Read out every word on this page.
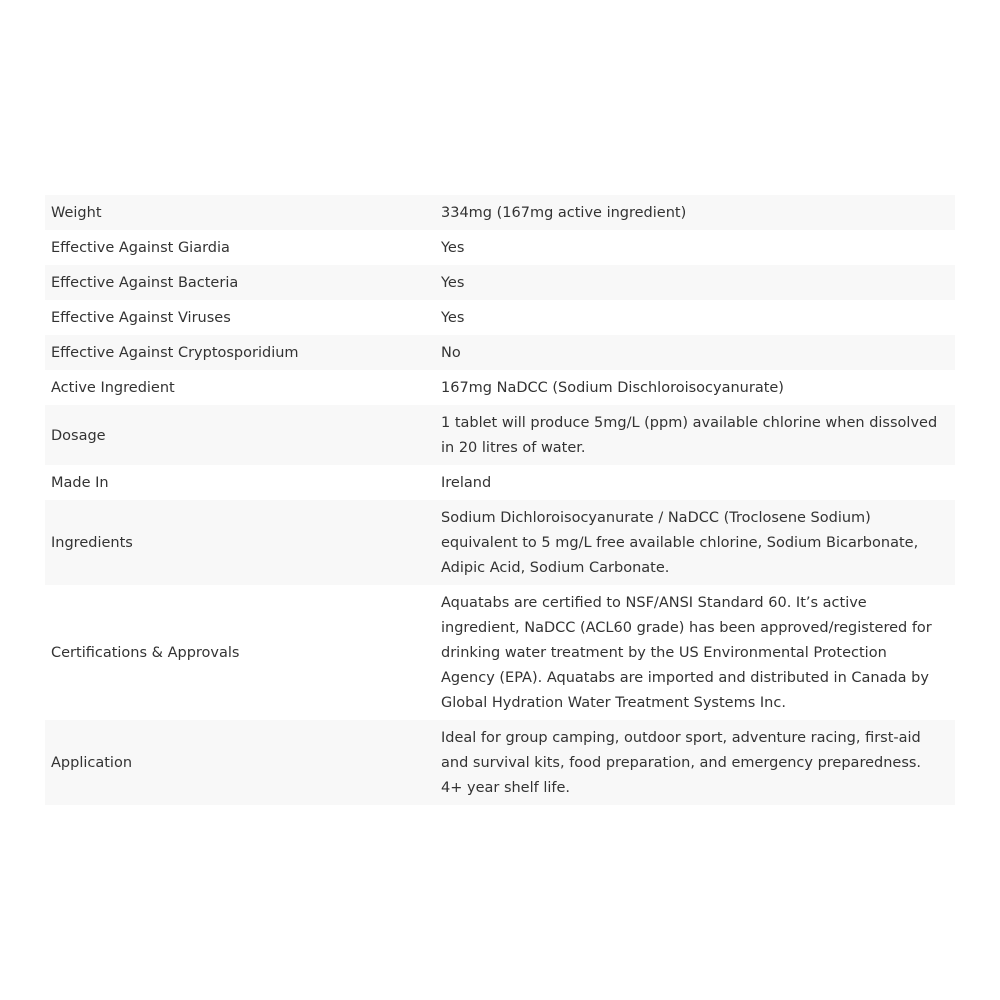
Weight	334mg (167mg active ingredient)
Effective Against Giardia	Yes
Effective Against Bacteria	Yes
Effective Against Viruses	Yes
Effective Against Cryptosporidium	No
Active Ingredient	167mg NaDCC (Sodium Dischloroisocyanurate)
Dosage	1 tablet will produce 5mg/L (ppm) available chlorine when dissolved in 20 litres of water.
Made In	Ireland
Ingredients	Sodium Dichloroisocyanurate / NaDCC (Troclosene Sodium) equivalent to 5 mg/L free available chlorine, Sodium Bicarbonate, Adipic Acid, Sodium Carbonate.
Certifications & Approvals	Aquatabs are certified to NSF/ANSI Standard 60. It’s active ingredient, NaDCC (ACL60 grade) has been approved/registered for drinking water treatment by the US Environmental Protection Agency (EPA). Aquatabs are imported and distributed in Canada by Global Hydration Water Treatment Systems Inc.
Application	Ideal for group camping, outdoor sport, adventure racing, first-aid and survival kits, food preparation, and emergency preparedness. 4+ year shelf life.
